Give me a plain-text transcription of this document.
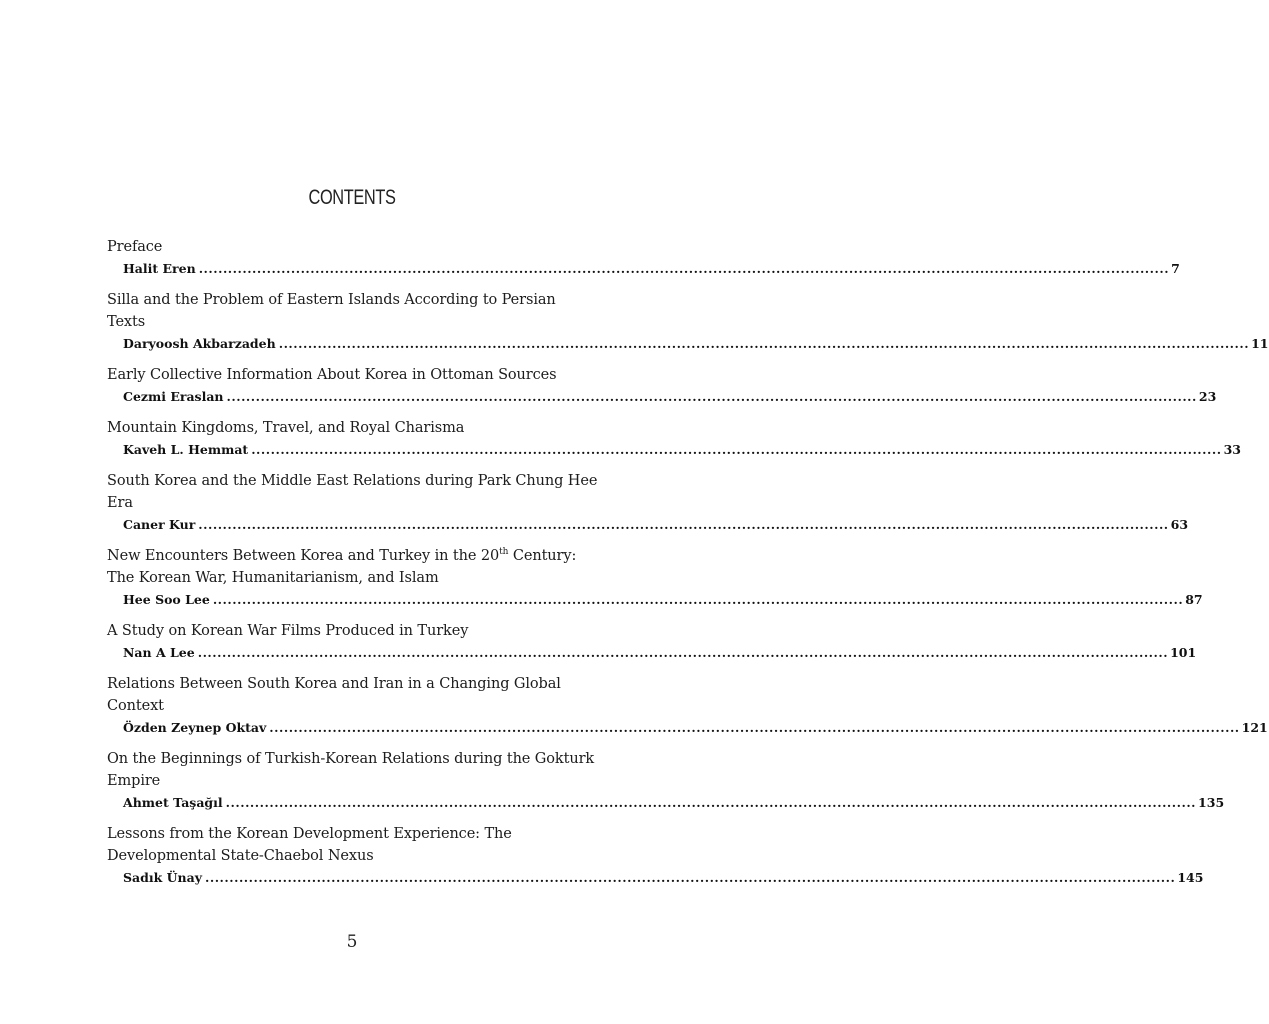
CONTENTS
Preface
Halit Eren ........................................................................................................................................................................................................ 7
Silla and the Problem of Eastern Islands According to Persian Texts
Daryoosh Akbarzadeh ........................................................................................................................................................................................................ 11
Early Collective Information About Korea in Ottoman Sources
Cezmi Eraslan ........................................................................................................................................................................................................ 23
Mountain Kingdoms, Travel, and Royal Charisma
Kaveh L. Hemmat ........................................................................................................................................................................................................ 33
South Korea and the Middle East Relations during Park Chung Hee Era
Caner Kur ........................................................................................................................................................................................................ 63
New Encounters Between Korea and Turkey in the 20th Century: The Korean War, Humanitarianism, and Islam
Hee Soo Lee ........................................................................................................................................................................................................ 87
A Study on Korean War Films Produced in Turkey
Nan A Lee ........................................................................................................................................................................................................ 101
Relations Between South Korea and Iran in a Changing Global Context
Özden Zeynep Oktav ........................................................................................................................................................................................................ 121
On the Beginnings of Turkish-Korean Relations during the Gokturk Empire
Ahmet Taşağıl ........................................................................................................................................................................................................ 135
Lessons from the Korean Development Experience: The Developmental State-Chaebol Nexus
Sadık Ünay ........................................................................................................................................................................................................ 145
5
